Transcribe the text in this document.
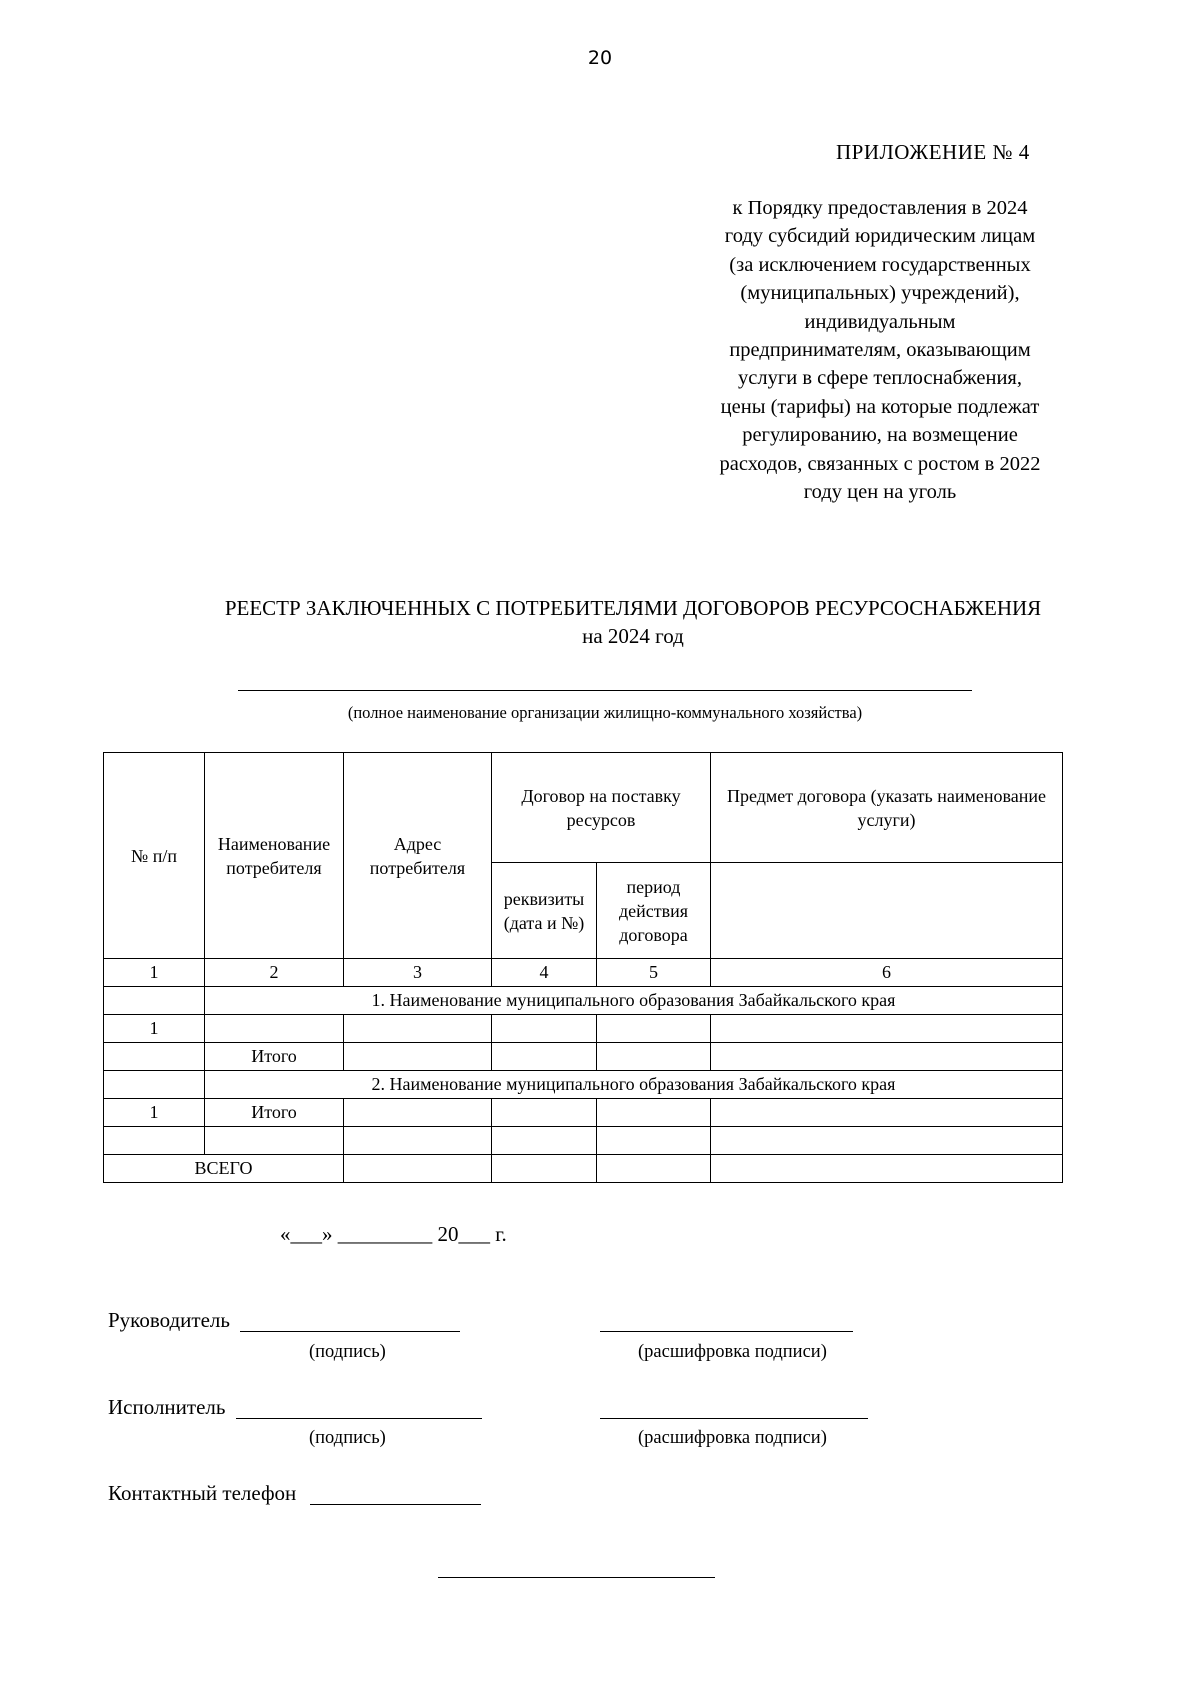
20
ПРИЛОЖЕНИЕ № 4
к Порядку предоставления в 2024
году субсидий юридическим лицам
(за исключением государственных
(муниципальных) учреждений),
индивидуальным
предпринимателям, оказывающим
услуги в сфере теплоснабжения,
цены (тарифы) на которые подлежат
регулированию, на возмещение
расходов, связанных с ростом в 2022
году цен на уголь
РЕЕСТР ЗАКЛЮЧЕННЫХ С ПОТРЕБИТЕЛЯМИ ДОГОВОРОВ РЕСУРСОСНАБЖЕНИЯ
на 2024 год
(полное наименование организации жилищно-коммунального хозяйства)
№ п/п	Наименование потребителя	Адрес потребителя	Договор на поставку ресурсов		Предмет договора (указать наименование услуги)
			реквизиты (дата и №)	период действия договора	
1	2	3	4	5	6
	1. Наименование муниципального образования Забайкальского края				
1					
	Итого				
	2. Наименование муниципального образования Забайкальского края				
1	Итого				

ВСЕГО					
«___» _________ 20___ г.
Руководитель
(подпись)	(расшифровка подписи)
Исполнитель
(подпись)	(расшифровка подписи)
Контактный телефон
